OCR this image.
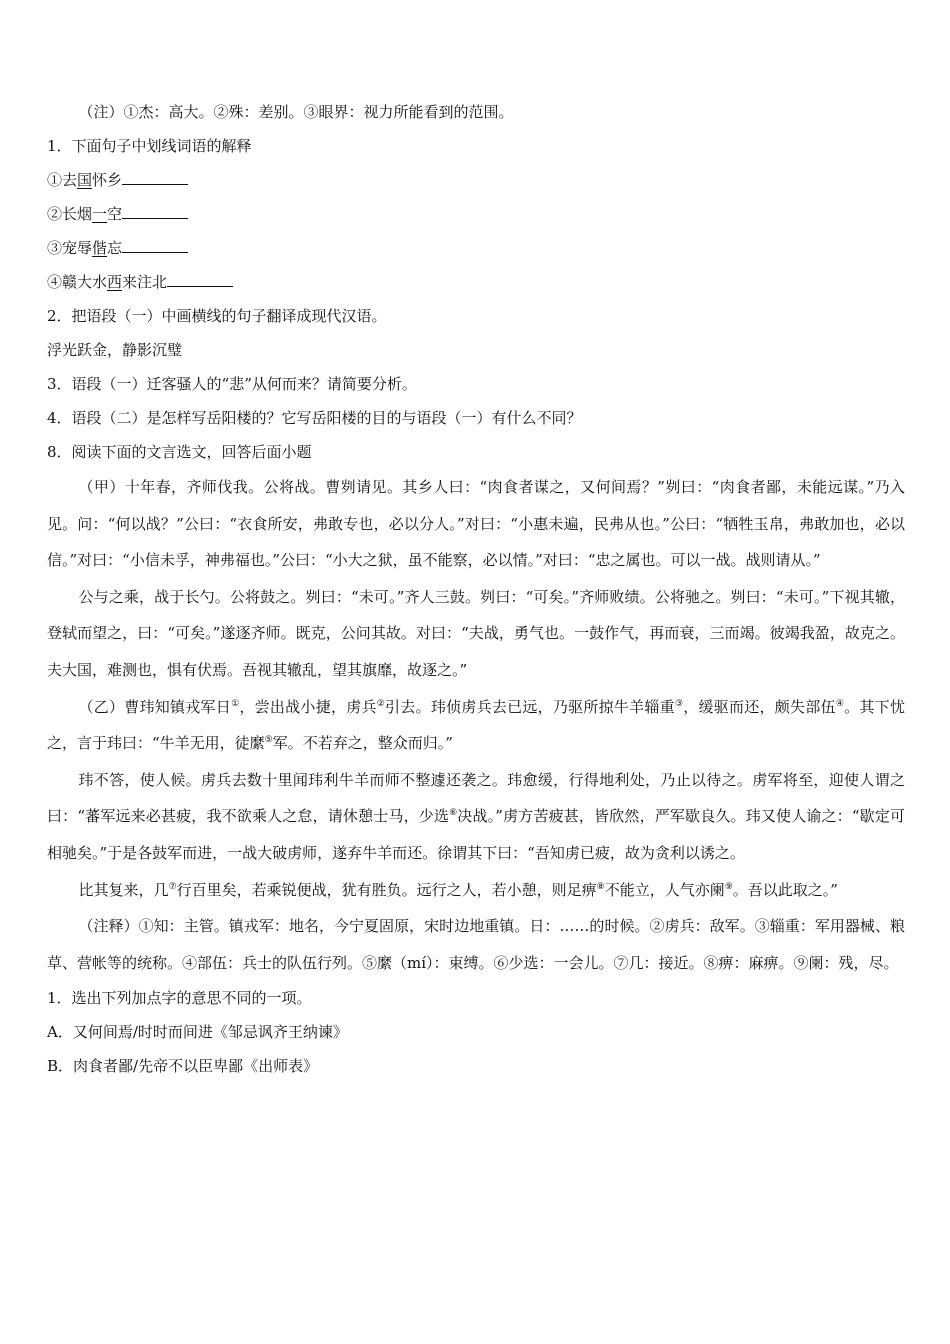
（注）①杰：高大。②殊：差别。③眼界：视力所能看到的范围。
1．下面句子中划线词语的解释
①去国怀乡
②长烟一空
③宠辱偕忘
④赣大水西来注北
2．把语段（一）中画横线的句子翻译成现代汉语。
浮光跃金，静影沉璧
3．语段（一）迁客骚人的“悲”从何而来？请简要分析。
4．语段（二）是怎样写岳阳楼的？它写岳阳楼的目的与语段（一）有什么不同？
8．阅读下面的文言选文，回答后面小题

（甲）十年春，齐师伐我。公将战。曹刿请见。其乡人曰：“肉食者谋之，又何间焉？”刿曰：“肉食者鄙，未能远谋。”乃入见。问：“何以战？”公曰：“衣食所安，弗敢专也，必以分人。”对曰：“小惠未遍，民弗从也。”公曰：“牺牲玉帛，弗敢加也，必以信。”对曰：“小信未孚，神弗福也。”公曰：“小大之狱，虽不能察，必以情。”对曰：“忠之属也。可以一战。战则请从。”

公与之乘，战于长勺。公将鼓之。刿曰：“未可。”齐人三鼓。刿曰：“可矣。”齐师败绩。公将驰之。刿曰：“未可。”下视其辙，登轼而望之，曰：“可矣。”遂逐齐师。既克，公问其故。对曰：“夫战，勇气也。一鼓作气，再而衰，三而竭。彼竭我盈，故克之。夫大国，难测也，惧有伏焉。吾视其辙乱，望其旗靡，故逐之。”

（乙）曹玮知镇戎军日①，尝出战小捷，虏兵②引去。玮侦虏兵去已远，乃驱所掠牛羊辎重③，缓驱而还，颇失部伍④。其下忧之，言于玮曰：“牛羊无用，徒縻⑤军。不若弃之，整众而归。”

玮不答，使人候。虏兵去数十里闻玮利牛羊而师不整遽还袭之。玮愈缓，行得地利处，乃止以待之。虏军将至，迎使人谓之曰：“蕃军远来必甚疲，我不欲乘人之怠，请休憩士马，少选⑥决战。”虏方苦疲甚，皆欣然，严军歇良久。玮又使人谕之：“歇定可相驰矣。”于是各鼓军而进，一战大破虏师，遂弃牛羊而还。徐谓其下曰：“吾知虏已疲，故为贪利以诱之。

比其复来，几⑦行百里矣，若乘锐便战，犹有胜负。远行之人，若小憩，则足痹⑧不能立，人气亦阑⑨。吾以此取之。”

（注释）①知：主管。镇戎军：地名，今宁夏固原，宋时边地重镇。日：……的时候。②虏兵：敌军。③辎重：军用器械、粮草、营帐等的统称。④部伍：兵士的队伍行列。⑤縻（mí）：束缚。⑥少选：一会儿。⑦几：接近。⑧痹：麻痹。⑨阑：残，尽。

1．选出下列加点字的意思不同的一项。
A．又何间焉/时时而间进《邹忌讽齐王纳谏》
B．肉食者鄙/先帝不以臣卑鄙《出师表》
